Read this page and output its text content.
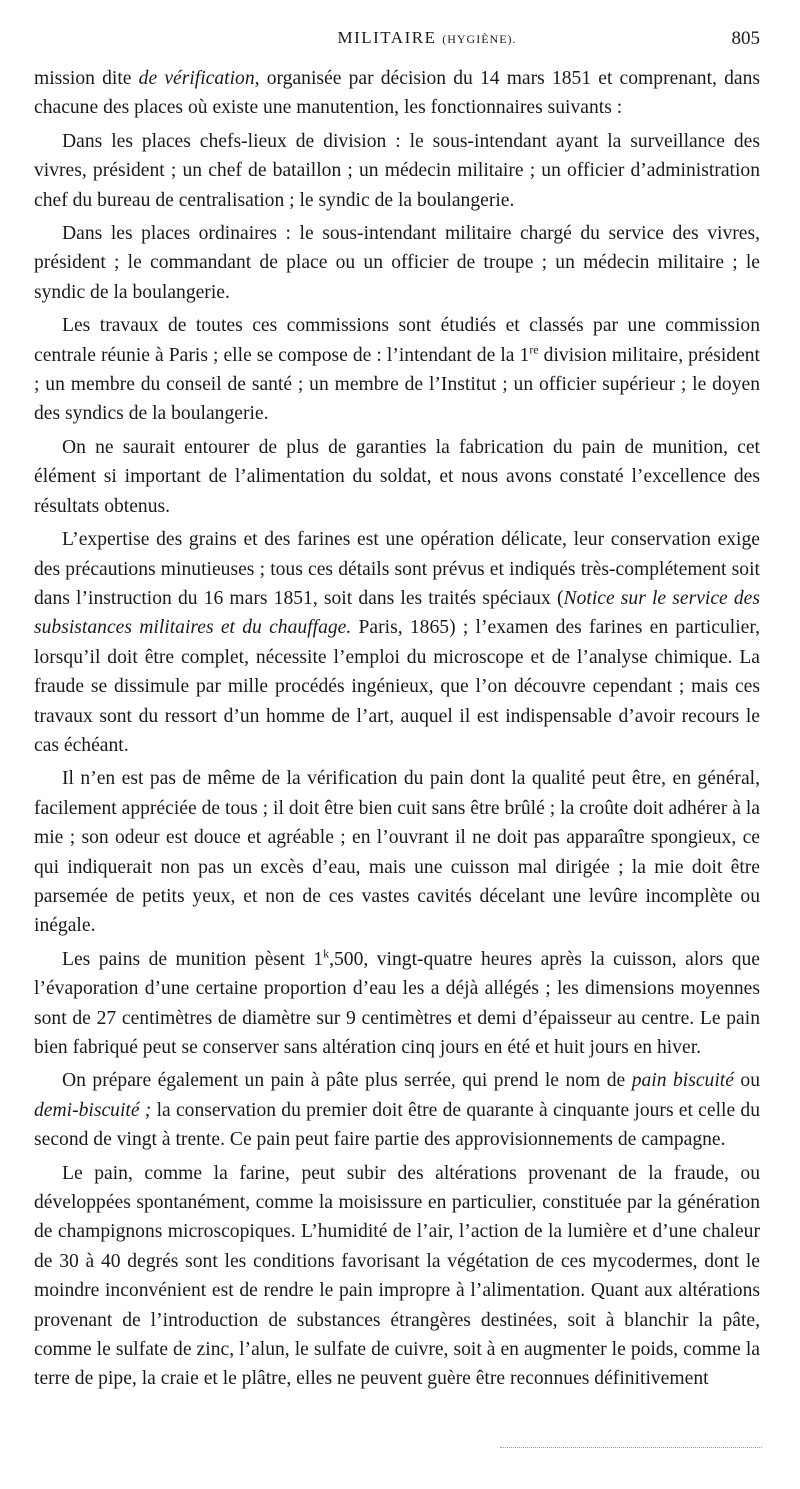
MILITAIRE (HYGIÈNE).	805

mission dite de vérification, organisée par décision du 14 mars 1851 et comprenant, dans chacune des places où existe une manutention, les fonctionnaires suivants :

Dans les places chefs-lieux de division : le sous-intendant ayant la surveillance des vivres, président ; un chef de bataillon ; un médecin militaire ; un officier d’administration chef du bureau de centralisation ; le syndic de la boulangerie.

Dans les places ordinaires : le sous-intendant militaire chargé du service des vivres, président ; le commandant de place ou un officier de troupe ; un médecin militaire ; le syndic de la boulangerie.

Les travaux de toutes ces commissions sont étudiés et classés par une commission centrale réunie à Paris ; elle se compose de : l’intendant de la 1re division militaire, président ; un membre du conseil de santé ; un membre de l’Institut ; un officier supérieur ; le doyen des syndics de la boulangerie.

On ne saurait entourer de plus de garanties la fabrication du pain de munition, cet élément si important de l’alimentation du soldat, et nous avons constaté l’excellence des résultats obtenus.

L’expertise des grains et des farines est une opération délicate, leur conservation exige des précautions minutieuses ; tous ces détails sont prévus et indiqués très-complétement soit dans l’instruction du 16 mars 1851, soit dans les traités spéciaux (Notice sur le service des subsistances militaires et du chauffage. Paris, 1865) ; l’examen des farines en particulier, lorsqu’il doit être complet, nécessite l’emploi du microscope et de l’analyse chimique. La fraude se dissimule par mille procédés ingénieux, que l’on découvre cependant ; mais ces travaux sont du ressort d’un homme de l’art, auquel il est indispensable d’avoir recours le cas échéant.

Il n’en est pas de même de la vérification du pain dont la qualité peut être, en général, facilement appréciée de tous ; il doit être bien cuit sans être brûlé ; la croûte doit adhérer à la mie ; son odeur est douce et agréable ; en l’ouvrant il ne doit pas apparaître spongieux, ce qui indiquerait non pas un excès d’eau, mais une cuisson mal dirigée ; la mie doit être parsemée de petits yeux, et non de ces vastes cavités décelant une levûre incomplète ou inégale.

Les pains de munition pèsent 1$^k$,500, vingt-quatre heures après la cuisson, alors que l’évaporation d’une certaine proportion d’eau les a déjà allégés ; les dimensions moyennes sont de 27 centimètres de diamètre sur 9 centimètres et demi d’épaisseur au centre. Le pain bien fabriqué peut se conserver sans altération cinq jours en été et huit jours en hiver.

On prépare également un pain à pâte plus serrée, qui prend le nom de pain biscuité ou demi-biscuité ; la conservation du premier doit être de quarante à cinquante jours et celle du second de vingt à trente. Ce pain peut faire partie des approvisionnements de campagne.

Le pain, comme la farine, peut subir des altérations provenant de la fraude, ou développées spontanément, comme la moisissure en particulier, constituée par la génération de champignons microscopiques. L’humidité de l’air, l’action de la lumière et d’une chaleur de 30 à 40 degrés sont les conditions favorisant la végétation de ces mycodermes, dont le moindre inconvénient est de rendre le pain impropre à l’alimentation. Quant aux altérations provenant de l’introduction de substances étrangères destinées, soit à blanchir la pâte, comme le sulfate de zinc, l’alun, le sulfate de cuivre, soit à en augmenter le poids, comme la terre de pipe, la craie et le plâtre, elles ne peuvent guère être reconnues définitivement
